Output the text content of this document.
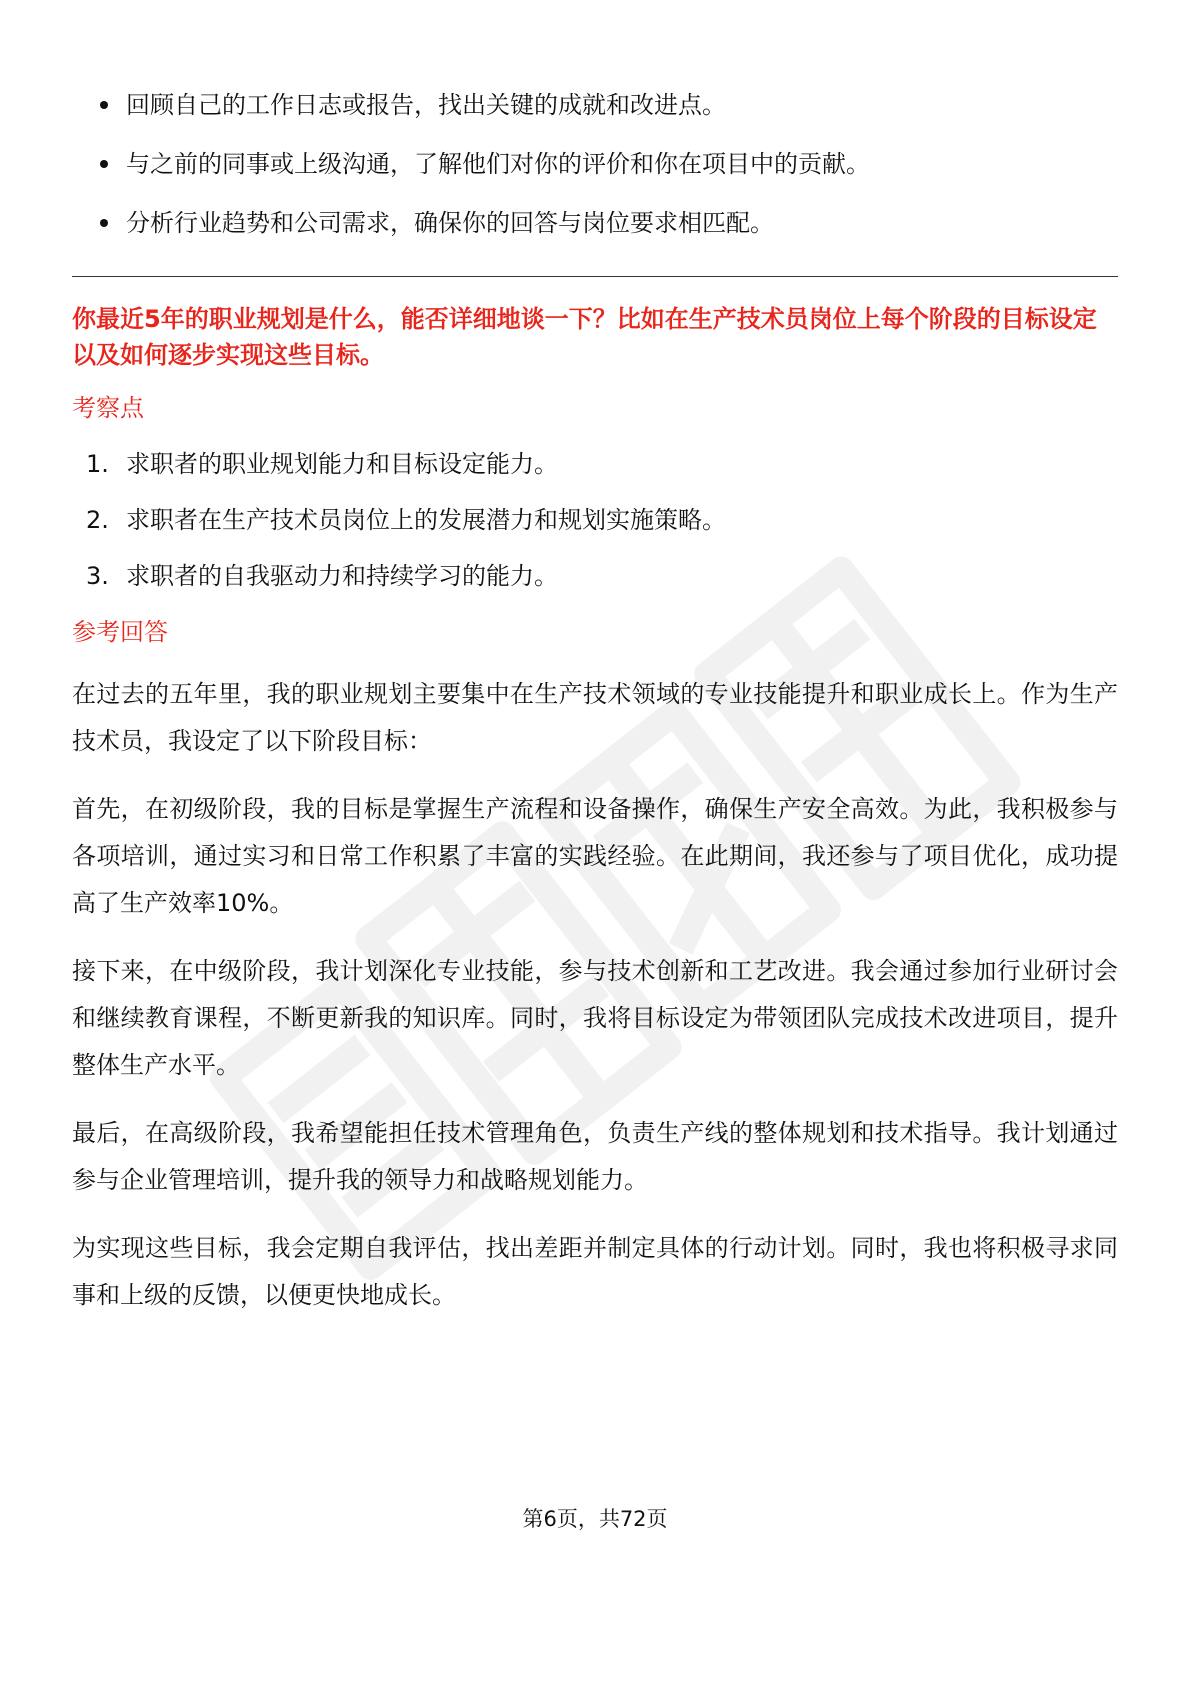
回顾自己的工作日志或报告，找出关键的成就和改进点。
与之前的同事或上级沟通，了解他们对你的评价和你在项目中的贡献。
分析行业趋势和公司需求，确保你的回答与岗位要求相匹配。
你最近5年的职业规划是什么，能否详细地谈一下？比如在生产技术员岗位上每个阶段的目标设定以及如何逐步实现这些目标。
考察点
1. 求职者的职业规划能力和目标设定能力。
2. 求职者在生产技术员岗位上的发展潜力和规划实施策略。
3. 求职者的自我驱动力和持续学习的能力。
参考回答
在过去的五年里，我的职业规划主要集中在生产技术领域的专业技能提升和职业成长上。作为生产技术员，我设定了以下阶段目标：
首先，在初级阶段，我的目标是掌握生产流程和设备操作，确保生产安全高效。为此，我积极参与各项培训，通过实习和日常工作积累了丰富的实践经验。在此期间，我还参与了项目优化，成功提高了生产效率10%。
接下来，在中级阶段，我计划深化专业技能，参与技术创新和工艺改进。我会通过参加行业研讨会和继续教育课程，不断更新我的知识库。同时，我将目标设定为带领团队完成技术改进项目，提升整体生产水平。
最后，在高级阶段，我希望能担任技术管理角色，负责生产线的整体规划和技术指导。我计划通过参与企业管理培训，提升我的领导力和战略规划能力。
为实现这些目标，我会定期自我评估，找出差距并制定具体的行动计划。同时，我也将积极寻求同事和上级的反馈，以便更快地成长。
第6页，共72页
